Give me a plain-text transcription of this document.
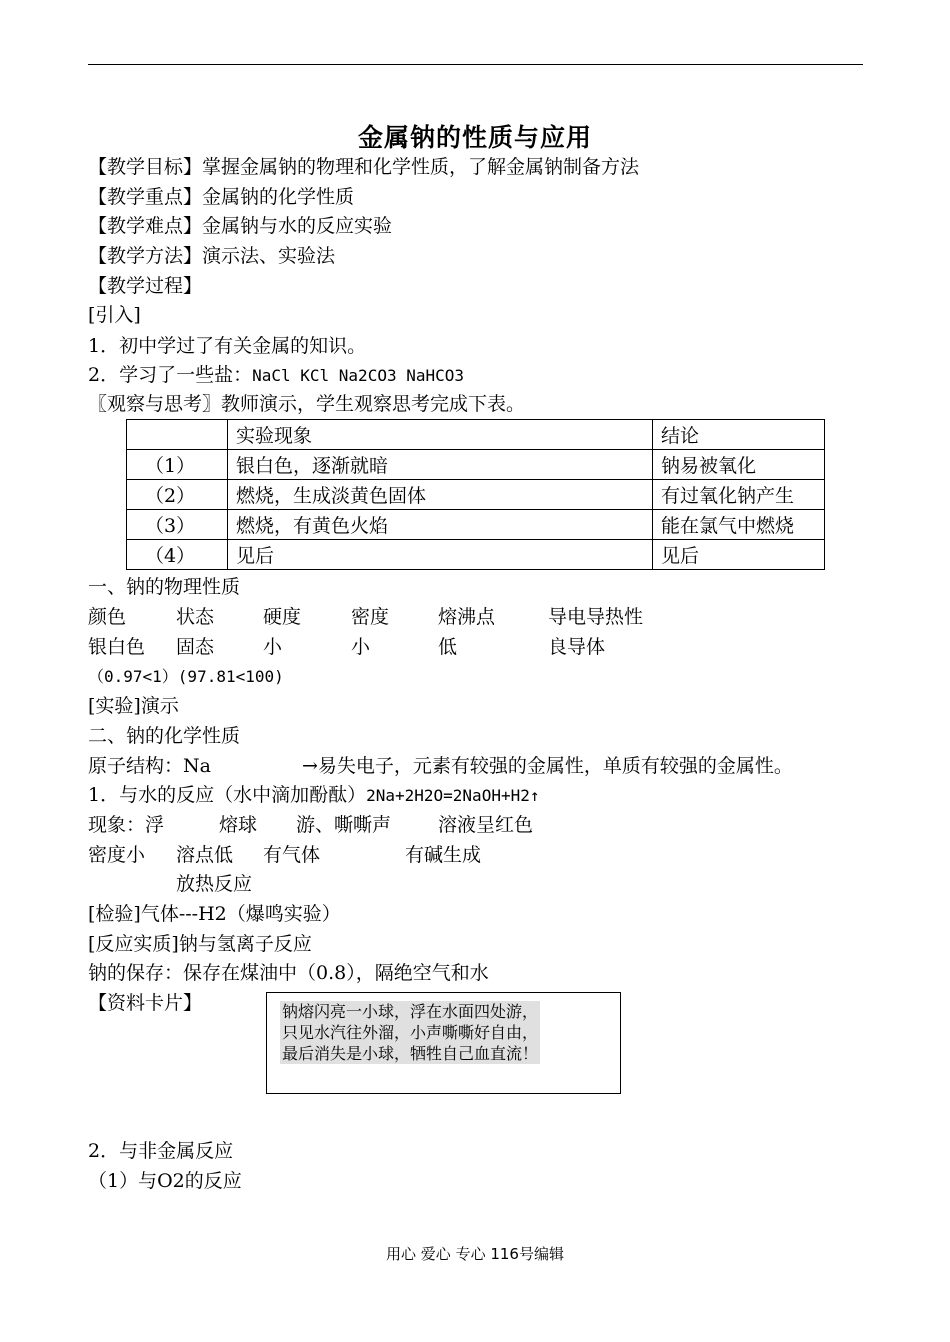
金属钠的性质与应用
【教学目标】掌握金属钠的物理和化学性质，了解金属钠制备方法
【教学重点】金属钠的化学性质
【教学难点】金属钠与水的反应实验
【教学方法】演示法、实验法
【教学过程】
[引入]
1．初中学过了有关金属的知识。
2．学习了一些盐：NaCl KCl Na2CO3 NaHCO3
〖观察与思考〗教师演示，学生观察思考完成下表。
	实验现象	结论
（1）	银白色，逐渐就暗	钠易被氧化
（2）	燃烧，生成淡黄色固体	有过氧化钠产生
（3）	燃烧，有黄色火焰	能在氯气中燃烧
（4）	见后	见后
一、钠的物理性质
颜色	状态	硬度	密度	熔沸点	导电导热性
银白色 固态	小	小	低	良导体
（0.97<1）(97.81<100)
[实验]演示
二、钠的化学性质
原子结构：Na	→易失电子，元素有较强的金属性，单质有较强的金属性。
1．与水的反应（水中滴加酚酞）2Na+2H2O=2NaOH+H2↑
现象：浮	熔球 游、嘶嘶声 溶液呈红色
密度小 溶点低 有气体	有碱生成
放热反应
[检验]气体---H2（爆鸣实验）
[反应实质]钠与氢离子反应
钠的保存：保存在煤油中（0.8），隔绝空气和水
【资料卡片】	钠熔闪亮一小球，浮在水面四处游，
只见水汽往外溜，小声嘶嘶好自由，
最后消失是小球，牺牲自己血直流！
2．与非金属反应
（1）与O2的反应
用心 爱心 专心 116号编辑
